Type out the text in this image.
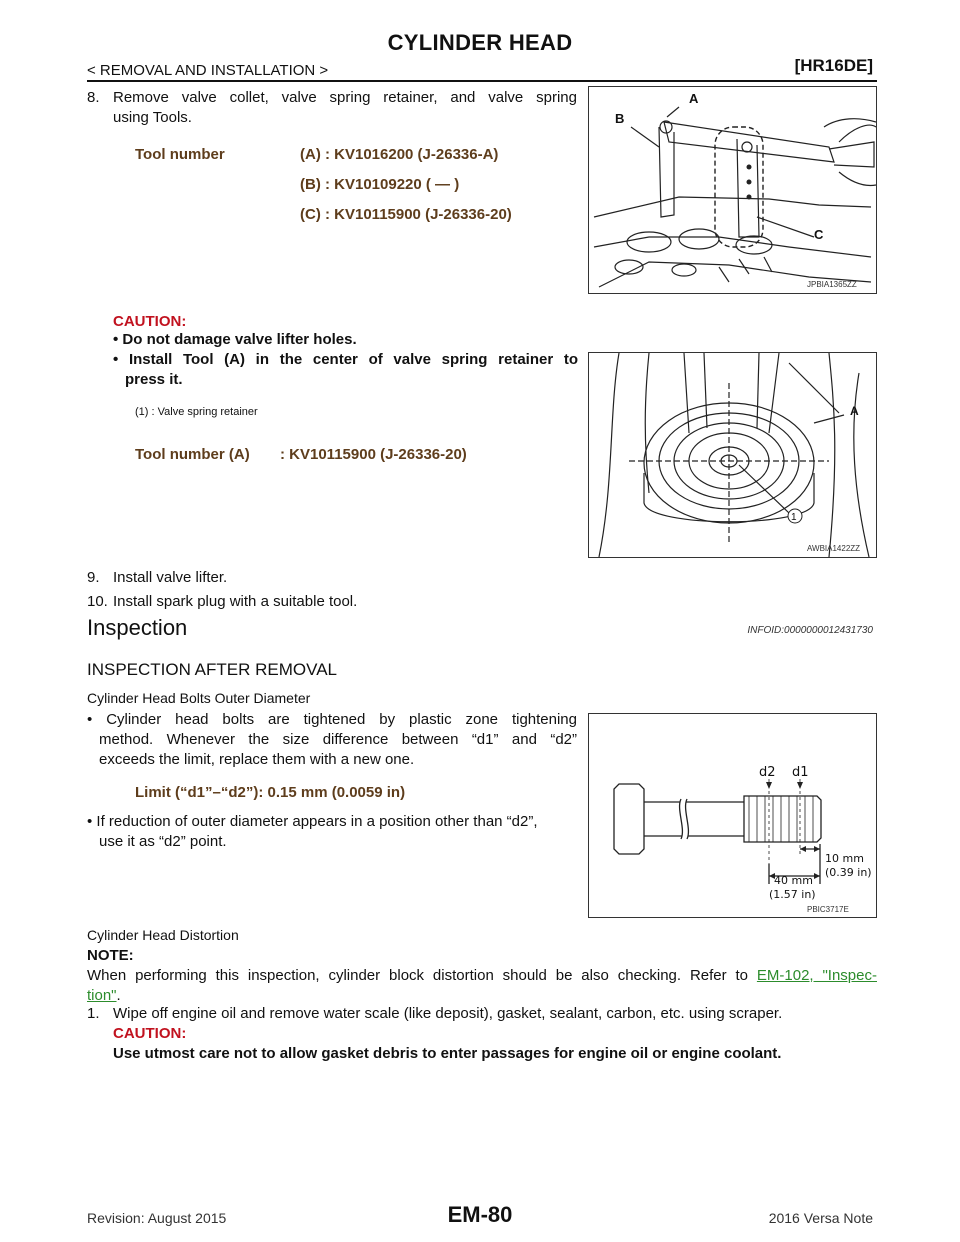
CYLINDER HEAD
< REMOVAL AND INSTALLATION >	[HR16DE]
8. Remove valve collet, valve spring retainer, and valve spring
using Tools.
Tool number	(A) : KV1016200 (J-26336-A)
(B) : KV10109220 ( — )
(C) : KV10115900 (J-26336-20)
A
B
C
JPBIA1365ZZ
CAUTION:
• Do not damage valve lifter holes.
• Install Tool (A) in the center of valve spring retainer to
press it.
(1) : Valve spring retainer
Tool number (A)	: KV10115900 (J-26336-20)
1
A
AWBIA1422ZZ
9. Install valve lifter.
10. Install spark plug with a suitable tool.
Inspection	INFOID:0000000012431730
INSPECTION AFTER REMOVAL
Cylinder Head Bolts Outer Diameter
• Cylinder head bolts are tightened by plastic zone tightening
method. Whenever the size difference between “d1” and “d2”
exceeds the limit, replace them with a new one.
Limit (“d1”–“d2”): 0.15 mm (0.0059 in)
• If reduction of outer diameter appears in a position other than “d2”,
use it as “d2” point.
d2 d1
10 mm
(0.39 in)
40 mm
(1.57 in)
PBIC3717E
Cylinder Head Distortion
NOTE:
When performing this inspection, cylinder block distortion should be also checking. Refer to EM-102, "Inspec-
tion".
1. Wipe off engine oil and remove water scale (like deposit), gasket, sealant, carbon, etc. using scraper.
CAUTION:
Use utmost care not to allow gasket debris to enter passages for engine oil or engine coolant.
Revision: August 2015	EM-80	2016 Versa Note
